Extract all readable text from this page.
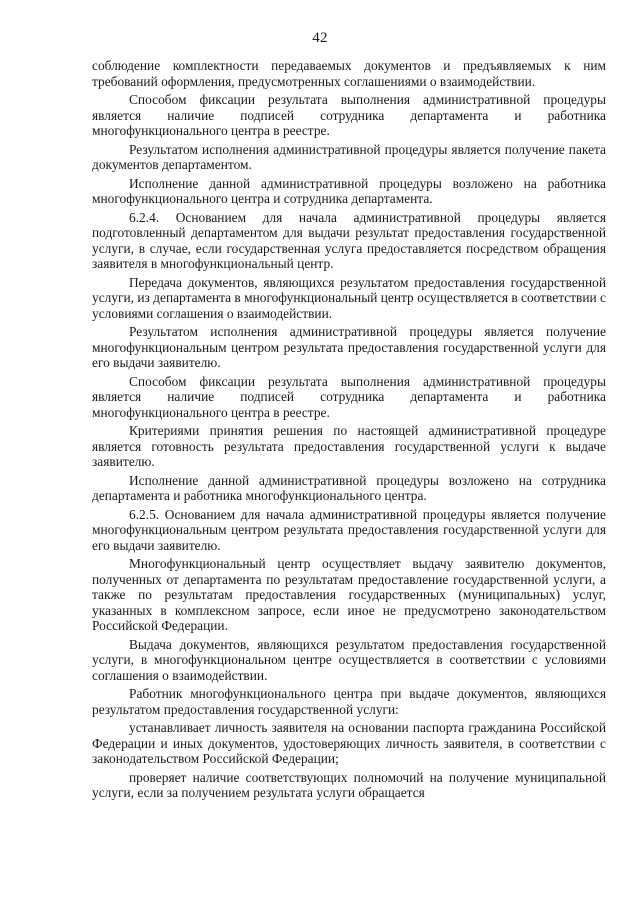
42

соблюдение комплектности передаваемых документов и предъявляемых к ним требований оформления, предусмотренных соглашениями о взаимодействии.

Способом фиксации результата выполнения административной процедуры является наличие подписей сотрудника департамента и работника многофункционального центра в реестре.

Результатом исполнения административной процедуры является получение пакета документов департаментом.

Исполнение данной административной процедуры возложено на работника многофункционального центра и сотрудника департамента.

6.2.4. Основанием для начала административной процедуры является подготовленный департаментом для выдачи результат предоставления государственной услуги, в случае, если государственная услуга предоставляется посредством обращения заявителя в многофункциональный центр.

Передача документов, являющихся результатом предоставления государственной услуги, из департамента в многофункциональный центр осуществляется в соответствии с условиями соглашения о взаимодействии.

Результатом исполнения административной процедуры является получение многофункциональным центром результата предоставления государственной услуги для его выдачи заявителю.

Способом фиксации результата выполнения административной процедуры является наличие подписей сотрудника департамента и работника многофункционального центра в реестре.

Критериями принятия решения по настоящей административной процедуре является готовность результата предоставления государственной услуги к выдаче заявителю.

Исполнение данной административной процедуры возложено на сотрудника департамента и работника многофункционального центра.

6.2.5. Основанием для начала административной процедуры является получение многофункциональным центром результата предоставления государственной услуги для его выдачи заявителю.

Многофункциональный центр осуществляет выдачу заявителю документов, полученных от департамента по результатам предоставление государственной услуги, а также по результатам предоставления государственных (муниципальных) услуг, указанных в комплексном запросе, если иное не предусмотрено законодательством Российской Федерации.

Выдача документов, являющихся результатом предоставления государственной услуги, в многофункциональном центре осуществляется в соответствии с условиями соглашения о взаимодействии.

Работник многофункционального центра при выдаче документов, являющихся результатом предоставления государственной услуги:

устанавливает личность заявителя на основании паспорта гражданина Российской Федерации и иных документов, удостоверяющих личность заявителя, в соответствии с законодательством Российской Федерации;

проверяет наличие соответствующих полномочий на получение муниципальной услуги, если за получением результата услуги обращается
